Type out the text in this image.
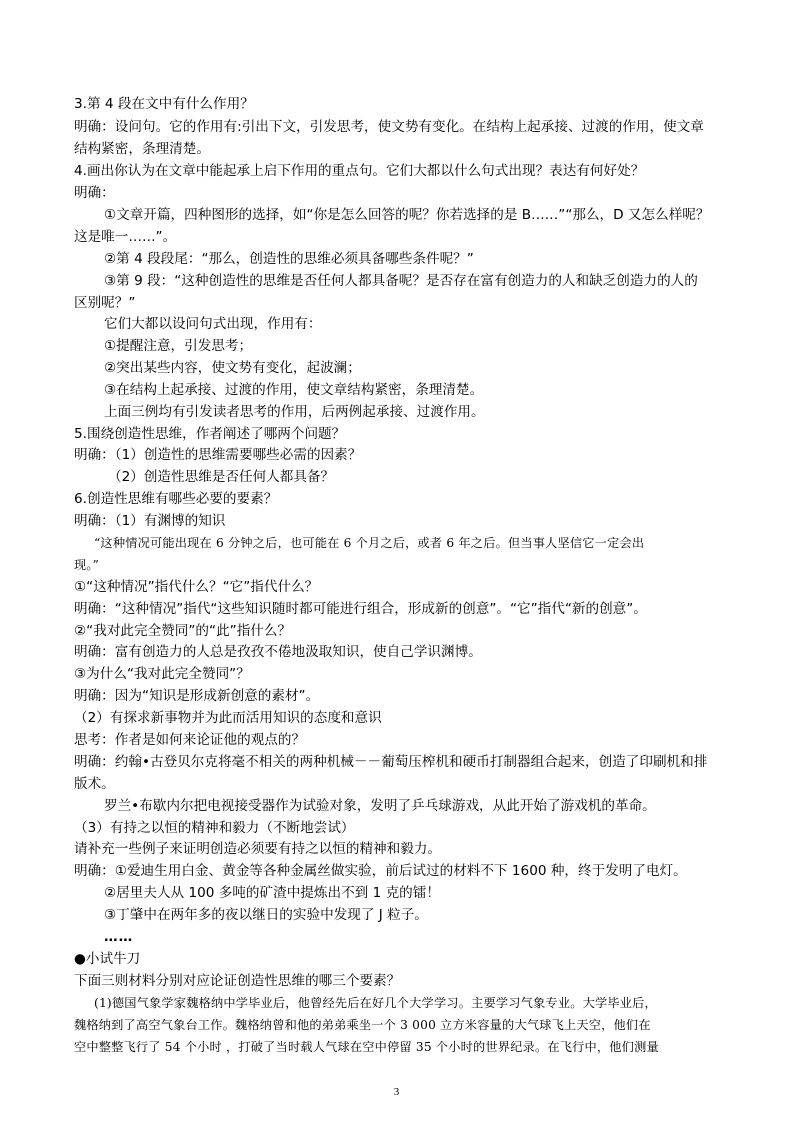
3.第 4 段在文中有什么作用？
明确：设问句。它的作用有:引出下文，引发思考，使文势有变化。在结构上起承接、过渡的作用，使文章
结构紧密，条理清楚。
4.画出你认为在文章中能起承上启下作用的重点句。它们大都以什么句式出现？表达有何好处？
明确：
①文章开篇，四种图形的选择，如“你是怎么回答的呢？你若选择的是 B……”“那么，D 又怎么样呢？
这是唯一……”。
②第 4 段段尾：“那么，创造性的思维必须具备哪些条件呢？”
③第 9 段：“这种创造性的思维是否任何人都具备呢？是否存在富有创造力的人和缺乏创造力的人的
区别呢？”
它们大都以设问句式出现，作用有：
①提醒注意，引发思考；
②突出某些内容，使文势有变化，起波澜；
③在结构上起承接、过渡的作用，使文章结构紧密，条理清楚。
上面三例均有引发读者思考的作用，后两例起承接、过渡作用。
5.围绕创造性思维，作者阐述了哪两个问题？
明确：（1）创造性的思维需要哪些必需的因素？
（2）创造性思维是否任何人都具备？
6.创造性思维有哪些必要的要素？
明确：（1）有渊博的知识
“这种情况可能出现在 6 分钟之后，也可能在 6 个月之后，或者 6 年之后。但当事人坚信它一定会出
现。”
①“这种情况”指代什么？“它”指代什么？
明确：“这种情况”指代“这些知识随时都可能进行组合，形成新的创意”。“它”指代“新的创意”。
②“我对此完全赞同”的“此”指什么？
明确：富有创造力的人总是孜孜不倦地汲取知识，使自己学识渊博。
③为什么“我对此完全赞同”？
明确：因为“知识是形成新创意的素材”。
（2）有探求新事物并为此而活用知识的态度和意识
思考：作者是如何来论证他的观点的？
明确：约翰•古登贝尔克将毫不相关的两种机械－－葡萄压榨机和硬币打制器组合起来，创造了印刷机和排
版术。
罗兰•布歇内尔把电视接受器作为试验对象，发明了乒乓球游戏，从此开始了游戏机的革命。
（3）有持之以恒的精神和毅力（不断地尝试）
请补充一些例子来证明创造必须要有持之以恒的精神和毅力。
明确：①爱迪生用白金、黄金等各种金属丝做实验，前后试过的材料不下 1600 种，终于发明了电灯。
②居里夫人从 100 多吨的矿渣中提炼出不到 1 克的镭！
③丁肇中在两年多的夜以继日的实验中发现了 J 粒子。
……
●小试牛刀
下面三则材料分别对应论证创造性思维的哪三个要素？
(1)德国气象学家魏格纳中学毕业后，他曾经先后在好几个大学学习。主要学习气象专业。大学毕业后，
魏格纳到了高空气象台工作。魏格纳曾和他的弟弟乘坐一个 3 000 立方米容量的大气球飞上天空，他们在
空中整整飞行了 54 个小时 ，打破了当时载人气球在空中停留 35 个小时的世界纪录。在飞行中，他们测量
3
